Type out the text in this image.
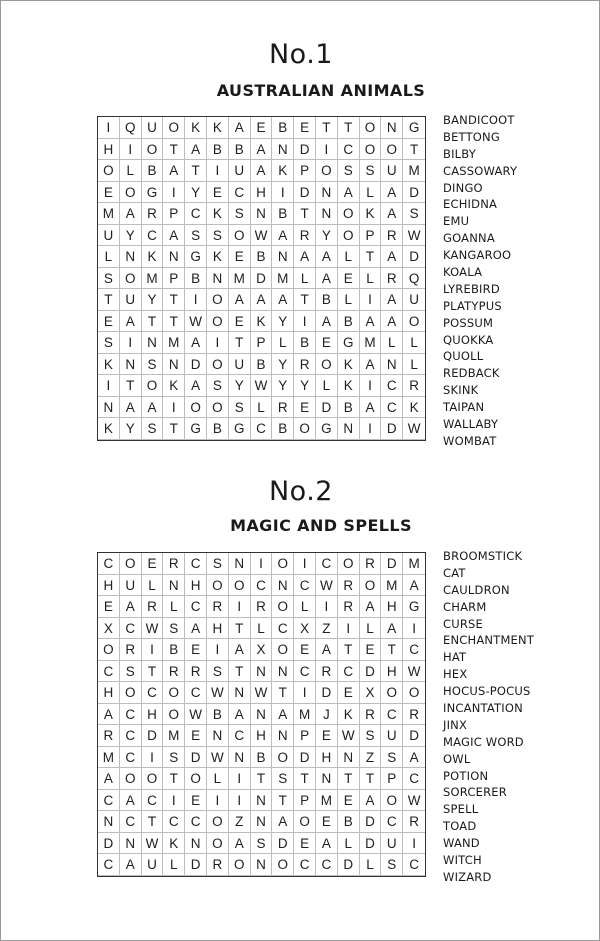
No.1
AUSTRALIAN ANIMALS
I	Q U O K K A E B E T	T O N G
H	I	O T A B B A N D	I	C O O T
O L	B A T	I	U A K P O S S U M
E O G	I	Y E C H	I	D N A	L	A D
M A R P C K S N B T N O K A S
U Y C A S S O W A R Y O P R W
L N K N G K E B N A A	L	T A D
S O M P B N M D M L	A E	L R Q
T U Y T	I	O A A A T B	L	I	A U
E A T	T W O E K Y	I	A B A A O
S	I	N M A	I	T P	L	B E G M L	L
K N S N D O U B Y R O K A N	L
I	T O K A S Y W Y Y	L	K	I	C R
N A A	I	O O S	L R E D B A C K
K Y S T G B G C B O G N	I	D W
BANDICOOT
BETTONG
BILBY
CASSOWARY
DINGO
ECHIDNA
EMU
GOANNA
KANGAROO
KOALA
LYREBIRD
PLATYPUS
POSSUM
QUOKKA
QUOLL
REDBACK
SKINK
TAIPAN
WALLABY
WOMBAT
No.2
MAGIC AND SPELLS
C O E R C S N	I	O	I	C O R D M
H U L N H O O C N C W R O M A
E A R L C R	I	R O L	I	R A H G
X C W S A H T	L C X Z	I	L	A	I
O R	I	B E	I	A X O E A T E T C
C S T R R S T N N C R C D H W
H O C O C W N W T	I	D E X O O
A C H O W B A N A M J	K R C R
R C D M E N C H N P E W S U D
M C	I	S D W N B O D H N Z S A
A O O T O L	I	T S T N T	T P C
C A C	I	E	I	I	N T P M E A O W
N C T C C O Z N A O E B D C R
D N W K N O A S D E A	L D U	I
C A U L D R O N O C C D L	S C
BROOMSTICK
CAT
CAULDRON
CHARM
CURSE
ENCHANTMENT
HAT
HEX
HOCUS-POCUS
INCANTATION
JINX
MAGIC WORD
OWL
POTION
SORCERER
SPELL
TOAD
WAND
WITCH
WIZARD
